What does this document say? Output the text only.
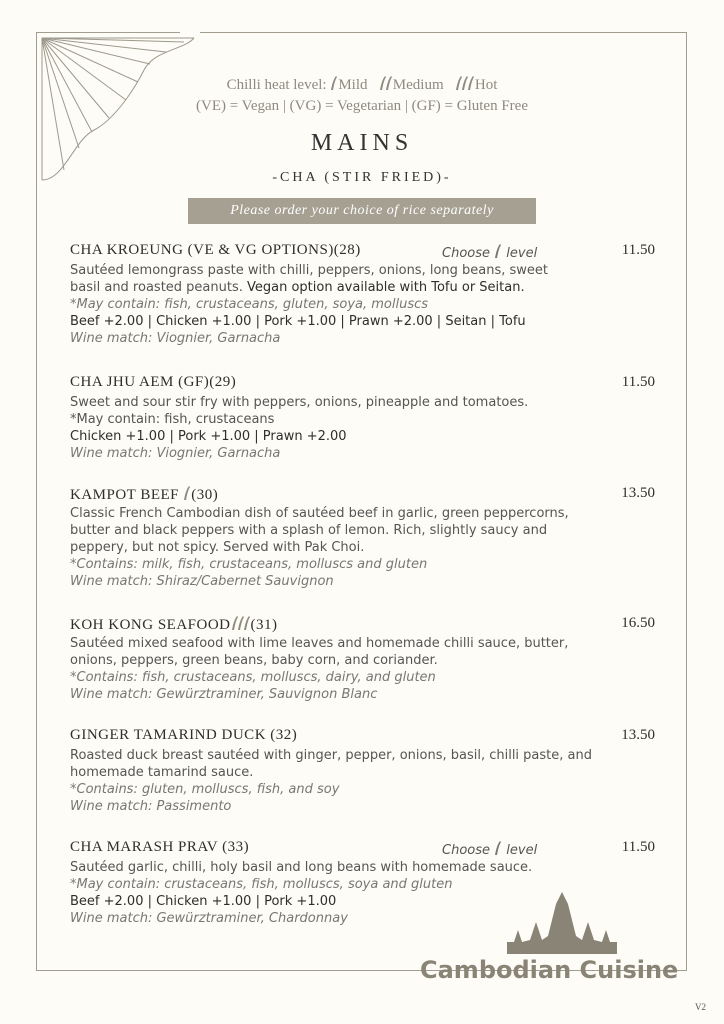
Chilli heat level: Mild Medium Hot
(VE) = Vegan | (VG) = Vegetarian | (GF) = Gluten Free
MAINS
-CHA (STIR FRIED)-
Please order your choice of rice separately
CHA KROEUNG (VE & VG OPTIONS)(28)	Choose level	11.50
Sautéed lemongrass paste with chilli, peppers, onions, long beans, sweet
basil and roasted peanuts. Vegan option available with Tofu or Seitan.
*May contain: fish, crustaceans, gluten, soya, molluscs
Beef +2.00 | Chicken +1.00 | Pork +1.00 | Prawn +2.00 | Seitan | Tofu
Wine match: Viognier, Garnacha
CHA JHU AEM (GF)(29)	11.50
Sweet and sour stir fry with peppers, onions, pineapple and tomatoes.
*May contain: fish, crustaceans
Chicken +1.00 | Pork +1.00 | Prawn +2.00
Wine match: Viognier, Garnacha
KAMPOT BEEF (30)	13.50
Classic French Cambodian dish of sautéed beef in garlic, green peppercorns,
butter and black peppers with a splash of lemon. Rich, slightly saucy and
peppery, but not spicy. Served with Pak Choi.
*Contains: milk, fish, crustaceans, molluscs and gluten
Wine match: Shiraz/Cabernet Sauvignon
KOH KONG SEAFOOD (31)	16.50
Sautéed mixed seafood with lime leaves and homemade chilli sauce, butter,
onions, peppers, green beans, baby corn, and coriander.
*Contains: fish, crustaceans, molluscs, dairy, and gluten
Wine match: Gewürztraminer, Sauvignon Blanc
GINGER TAMARIND DUCK (32)	13.50
Roasted duck breast sautéed with ginger, pepper, onions, basil, chilli paste, and
homemade tamarind sauce.
*Contains: gluten, molluscs, fish, and soy
Wine match: Passimento
CHA MARASH PRAV (33)	Choose level	11.50
Sautéed garlic, chilli, holy basil and long beans with homemade sauce.
*May contain: crustaceans, fish, molluscs, soya and gluten
Beef +2.00 | Chicken +1.00 | Pork +1.00
Wine match: Gewürztraminer, Chardonnay
Cambodian Cuisine
V2
